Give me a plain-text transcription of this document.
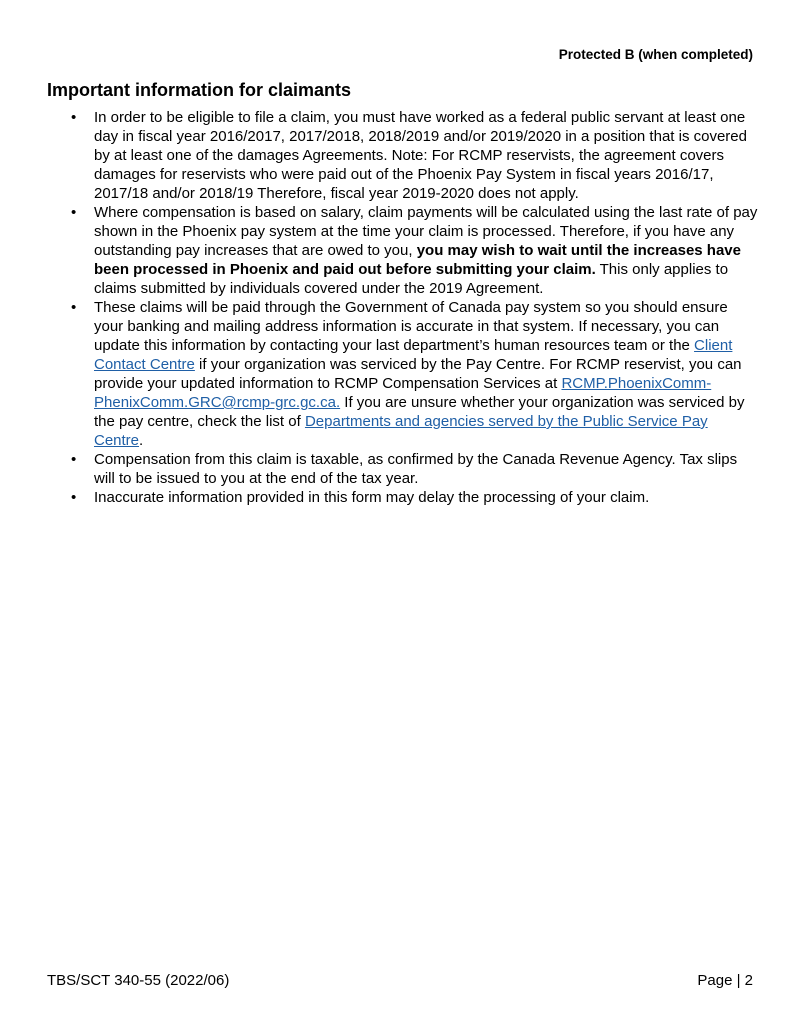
Protected B (when completed)
Important information for claimants
•	In order to be eligible to file a claim, you must have worked as a federal public servant at least one day in fiscal year 2016/2017, 2017/2018, 2018/2019 and/or 2019/2020 in a position that is covered by at least one of the damages Agreements. Note: For RCMP reservists, the agreement covers damages for reservists who were paid out of the Phoenix Pay System in fiscal years 2016/17, 2017/18 and/or 2018/19 Therefore, fiscal year 2019-2020 does not apply.
•	Where compensation is based on salary, claim payments will be calculated using the last rate of pay shown in the Phoenix pay system at the time your claim is processed. Therefore, if you have any outstanding pay increases that are owed to you, you may wish to wait until the increases have been processed in Phoenix and paid out before submitting your claim. This only applies to claims submitted by individuals covered under the 2019 Agreement.
•	These claims will be paid through the Government of Canada pay system so you should ensure your banking and mailing address information is accurate in that system. If necessary, you can update this information by contacting your last department’s human resources team or the Client Contact Centre if your organization was serviced by the Pay Centre. For RCMP reservist, you can provide your updated information to RCMP Compensation Services at RCMP.PhoenixComm-PhenixComm.GRC@rcmp-grc.gc.ca. If you are unsure whether your organization was serviced by the pay centre, check the list of Departments and agencies served by the Public Service Pay Centre.
•	Compensation from this claim is taxable, as confirmed by the Canada Revenue Agency. Tax slips will to be issued to you at the end of the tax year.
•	Inaccurate information provided in this form may delay the processing of your claim.
TBS/SCT 340-55 (2022/06)	Page | 2
